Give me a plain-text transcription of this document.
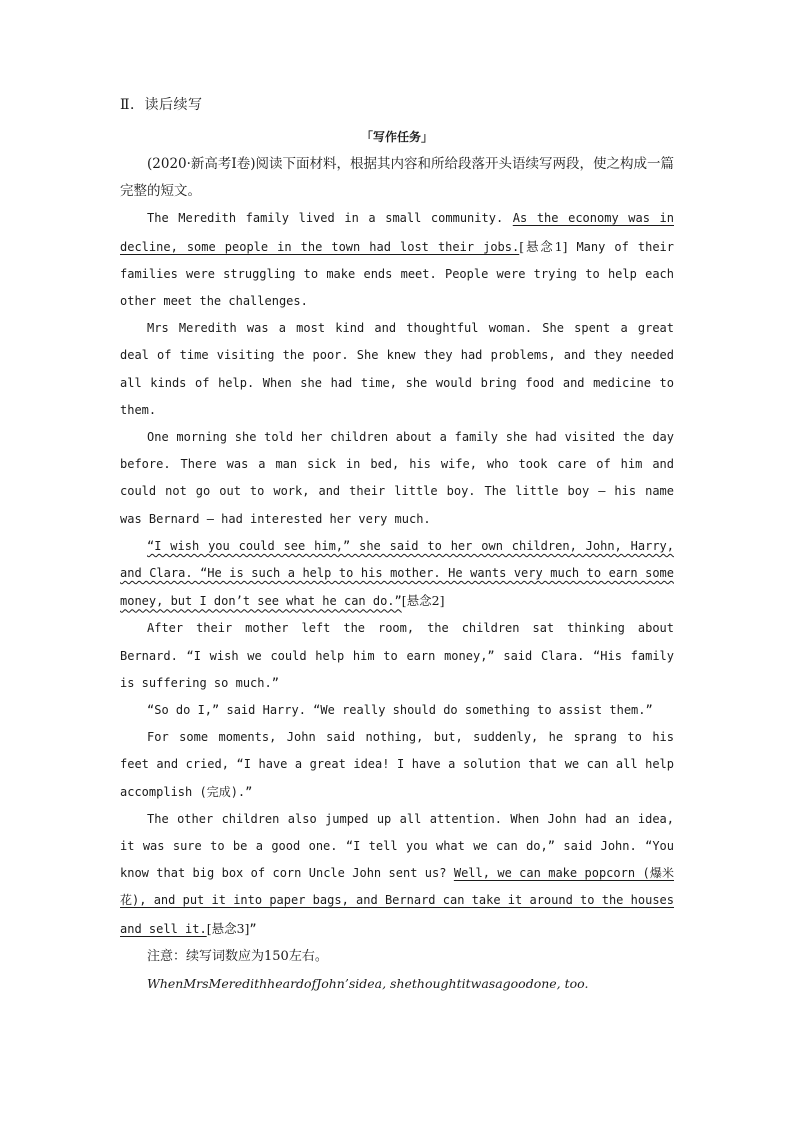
Ⅱ．读后续写
「写作任务」

(2020·新高考Ⅰ卷)阅读下面材料，根据其内容和所给段落开头语续写两段，使之构成一篇完整的短文。

The Meredith family lived in a small community. As the economy was in decline, some people in the town had lost their jobs.[悬念1] Many of their families were struggling to make ends meet. People were trying to help each other meet the challenges.

Mrs Meredith was a most kind and thoughtful woman. She spent a great deal of time visiting the poor. She knew they had problems, and they needed all kinds of help. When she had time, she would bring food and medicine to them.

One morning she told her children about a family she had visited the day before. There was a man sick in bed, his wife, who took care of him and could not go out to work, and their little boy. The little boy — his name was Bernard — had interested her very much.

“I wish you could see him,” she said to her own children, John, Harry, and Clara. “He is such a help to his mother. He wants very much to earn some money, but I don’t see what he can do.”[悬念2]

After their mother left the room, the children sat thinking about Bernard. “I wish we could help him to earn money,” said Clara. “His family is suffering so much.”

“So do I,” said Harry. “We really should do something to assist them.”

For some moments, John said nothing, but, suddenly, he sprang to his feet and cried, “I have a great idea! I have a solution that we can all help accomplish (完成).”

The other children also jumped up all attention. When John had an idea, it was sure to be a good one. “I tell you what we can do,” said John. “You know that big box of corn Uncle John sent us? Well, we can make popcorn (爆米花), and put it into paper bags, and Bernard can take it around to the houses and sell it.[悬念3]”

注意：续写词数应为150左右。

WhenMrsMeredithheardofJohn’sidea, shethoughtitwasagoodone, too.
